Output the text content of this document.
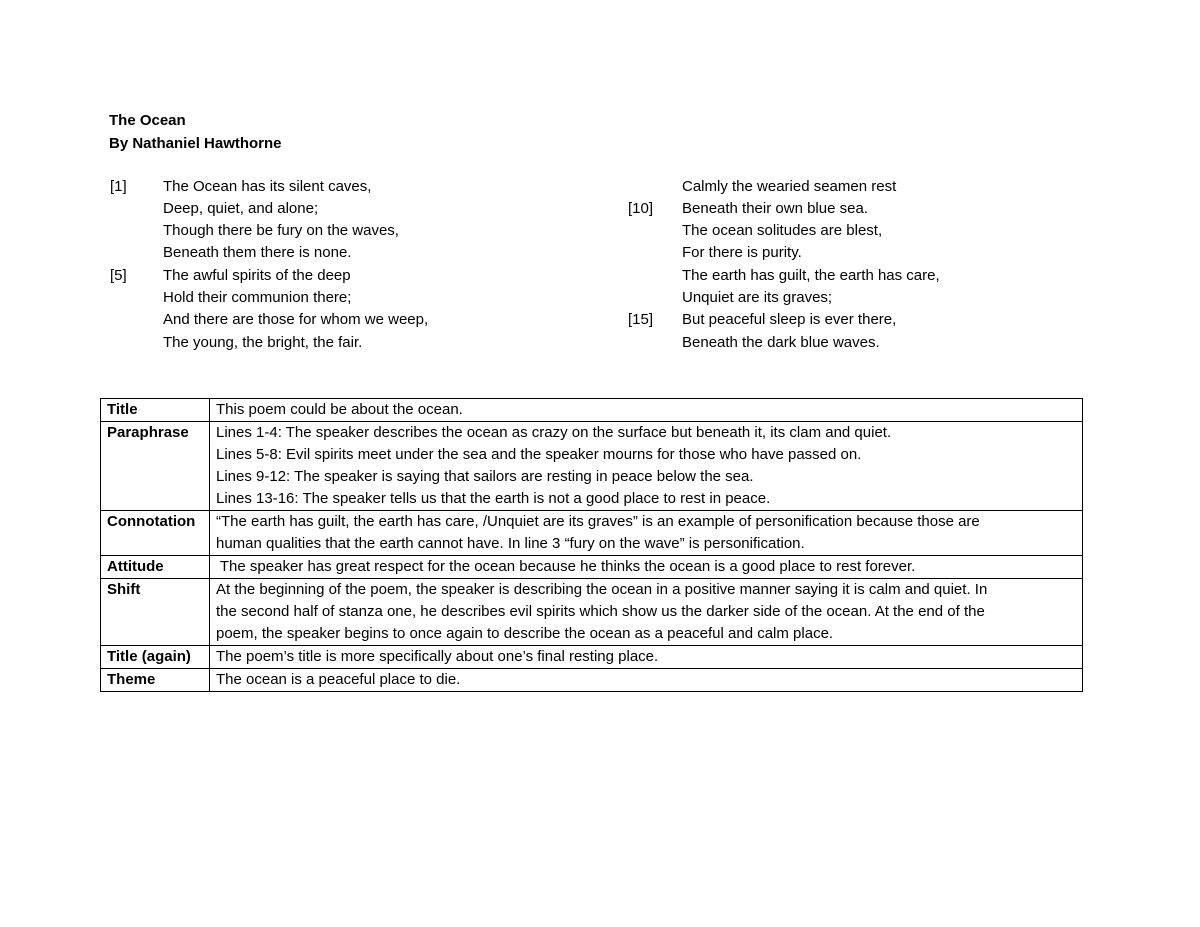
The Ocean
By Nathaniel Hawthorne
[1] The Ocean has its silent caves,
Deep, quiet, and alone;
Though there be fury on the waves,
Beneath them there is none.
[5] The awful spirits of the deep
Hold their communion there;
And there are those for whom we weep,
The young, the bright, the fair.
Calmly the wearied seamen rest
[10] Beneath their own blue sea.
The ocean solitudes are blest,
For there is purity.
The earth has guilt, the earth has care,
Unquiet are its graves;
[15] But peaceful sleep is ever there,
Beneath the dark blue waves.
Title	This poem could be about the ocean.

Paraphrase	Lines 1-4: The speaker describes the ocean as crazy on the surface but beneath it, its clam and quiet.
Lines 5-8: Evil spirits meet under the sea and the speaker mourns for those who have passed on.
Lines 9-12: The speaker is saying that sailors are resting in peace below the sea.
Lines 13-16: The speaker tells us that the earth is not a good place to rest in peace.

Connotation	“The earth has guilt, the earth has care, /Unquiet are its graves” is an example of personification because those are
human qualities that the earth cannot have. In line 3 “fury on the wave” is personification.

Attitude	The speaker has great respect for the ocean because he thinks the ocean is a good place to rest forever.

Shift	At the beginning of the poem, the speaker is describing the ocean in a positive manner saying it is calm and quiet. In
the second half of stanza one, he describes evil spirits which show us the darker side of the ocean. At the end of the
poem, the speaker begins to once again to describe the ocean as a peaceful and calm place.

Title (again)	The poem’s title is more specifically about one’s final resting place.

Theme	The ocean is a peaceful place to die.
